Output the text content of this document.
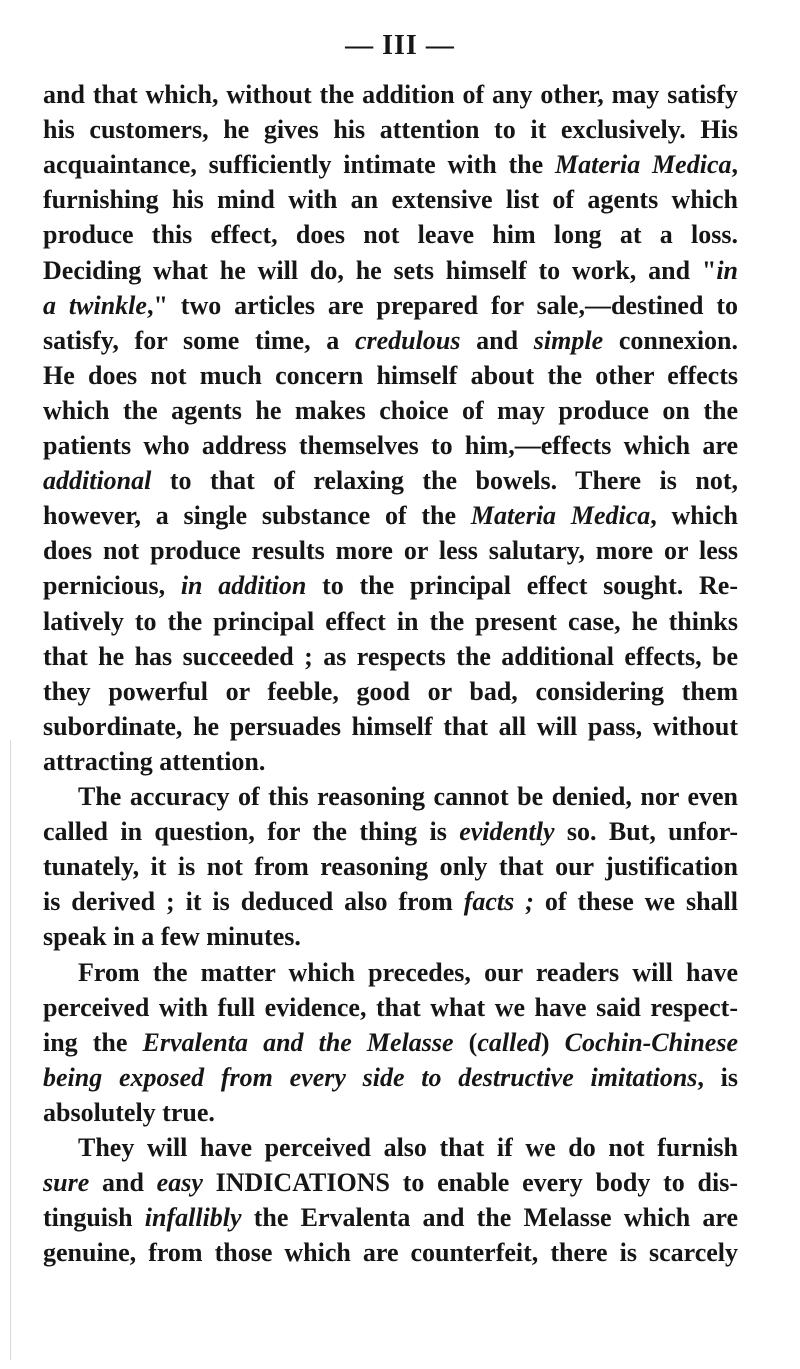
— III —
and that which, without the addition of any other, may satisfy
his customers, he gives his attention to it exclusively. His
acquaintance, sufficiently intimate with the Materia Medica,
furnishing his mind with an extensive list of agents which
produce this effect, does not leave him long at a loss.
Deciding what he will do, he sets himself to work, and "in
a twinkle," two articles are prepared for sale,—destined to
satisfy, for some time, a credulous and simple connexion.
He does not much concern himself about the other effects
which the agents he makes choice of may produce on the
patients who address themselves to him,—effects which are
additional to that of relaxing the bowels. There is not,
however, a single substance of the Materia Medica, which
does not produce results more or less salutary, more or less
pernicious, in addition to the principal effect sought. Re-
latively to the principal effect in the present case, he thinks
that he has succeeded ; as respects the additional effects, be
they powerful or feeble, good or bad, considering them
subordinate, he persuades himself that all will pass, without
attracting attention.
The accuracy of this reasoning cannot be denied, nor even
called in question, for the thing is evidently so. But, unfor-
tunately, it is not from reasoning only that our justification
is derived ; it is deduced also from facts ; of these we shall
speak in a few minutes.
From the matter which precedes, our readers will have
perceived with full evidence, that what we have said respect-
ing the Ervalenta and the Melasse (called) Cochin-Chinese
being exposed from every side to destructive imitations, is
absolutely true.
They will have perceived also that if we do not furnish
sure and easy INDICATIONS to enable every body to dis-
tinguish infallibly the Ervalenta and the Melasse which are
genuine, from those which are counterfeit, there is scarcely
